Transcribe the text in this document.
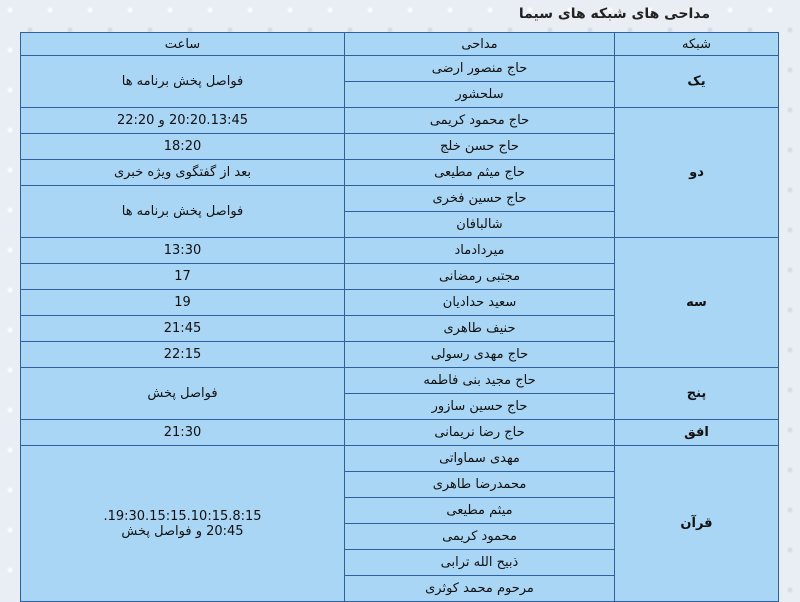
مداحی های شبکه های سیما
شبکه	مداحی	ساعت
یک	حاج منصور ارضی	فواصل پخش برنامه ها
	سلحشور	
دو	حاج محمود کریمی	20:20.13:45 و 22:20
	حاج حسن خلج	18:20
	حاج میثم مطیعی	بعد از گفتگوی ویژه خبری
	حاج حسین فخری	فواصل پخش برنامه ها
	شالبافان	
سه	میردادماد	13:30
	مجتبی رمضانی	17
	سعید حدادیان	19
	حنیف طاهری	21:45
	حاج مهدی رسولی	22:15
پنج	حاج مجید بنی فاطمه	فواصل پخش
	حاج حسین سازور	
افق	حاج رضا نریمانی	21:30
قرآن	مهدی سماواتی	19:30.15:15.10:15.8:15.
20:45 و فواصل پخش
	محمدرضا طاهری	
	میثم مطیعی	
	محمود کریمی	
	ذبیح الله ترابی	
	مرحوم محمد کوثری	
